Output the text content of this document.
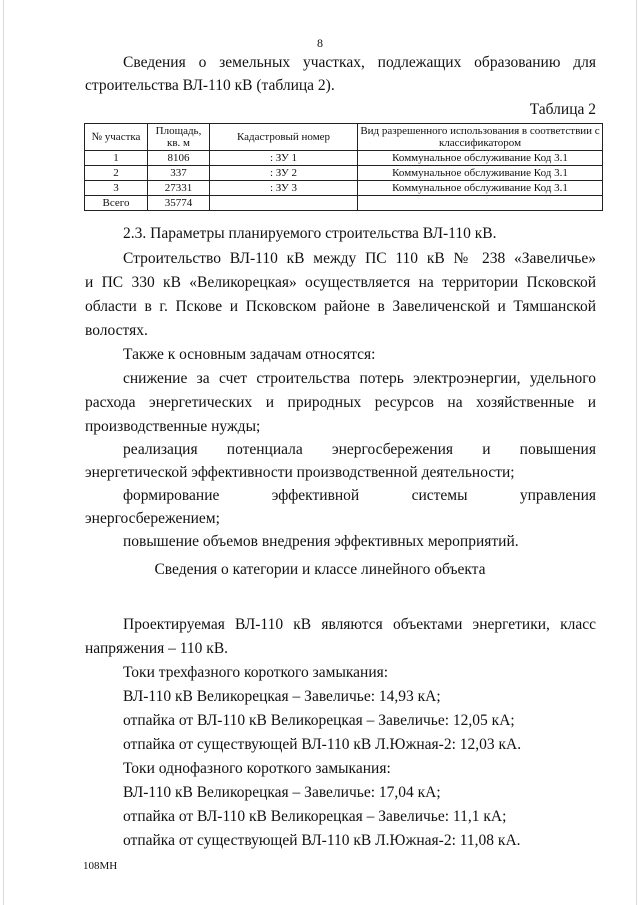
8

Сведения о земельных участках, подлежащих образованию для

строительства ВЛ-110 кВ (таблица 2).

Таблица 2
№ участка	Площадь, кв. м	Кадастровый номер	Вид разрешенного использования в соответствии с классификатором
1	8106	: ЗУ 1	Коммунальное обслуживание Код 3.1
2	337	: ЗУ 2	Коммунальное обслуживание Код 3.1
3	27331	: ЗУ 3	Коммунальное обслуживание Код 3.1
Всего	35774		

2.3. Параметры планируемого строительства ВЛ-110 кВ.

Строительство ВЛ-110 кВ между ПС 110 кВ № 238 «Завеличье»

и ПС 330 кВ «Великорецкая» осуществляется на территории Псковской

области в г. Пскове и Псковском районе в Завеличенской и Тямшанской

волостях.

Также к основным задачам относятся:

снижение за счет строительства потерь электроэнергии, удельного

расхода энергетических и природных ресурсов на хозяйственные и

производственные нужды;

реализация потенциала энергосбережения и повышения

энергетической эффективности производственной деятельности;

формирование эффективной системы управления

энергосбережением;

повышение объемов внедрения эффективных мероприятий.

Сведения о категории и классе линейного объекта

Проектируемая ВЛ-110 кВ являются объектами энергетики, класс

напряжения – 110 кВ.

Токи трехфазного короткого замыкания:

ВЛ-110 кВ Великорецкая – Завеличье: 14,93 кА;

отпайка от ВЛ-110 кВ Великорецкая – Завеличье: 12,05 кА;

отпайка от существующей ВЛ-110 кВ Л.Южная-2: 12,03 кА.

Токи однофазного короткого замыкания:

ВЛ-110 кВ Великорецкая – Завеличье: 17,04 кА;

отпайка от ВЛ-110 кВ Великорецкая – Завеличье: 11,1 кА;

отпайка от существующей ВЛ-110 кВ Л.Южная-2: 11,08 кА.

108МН
